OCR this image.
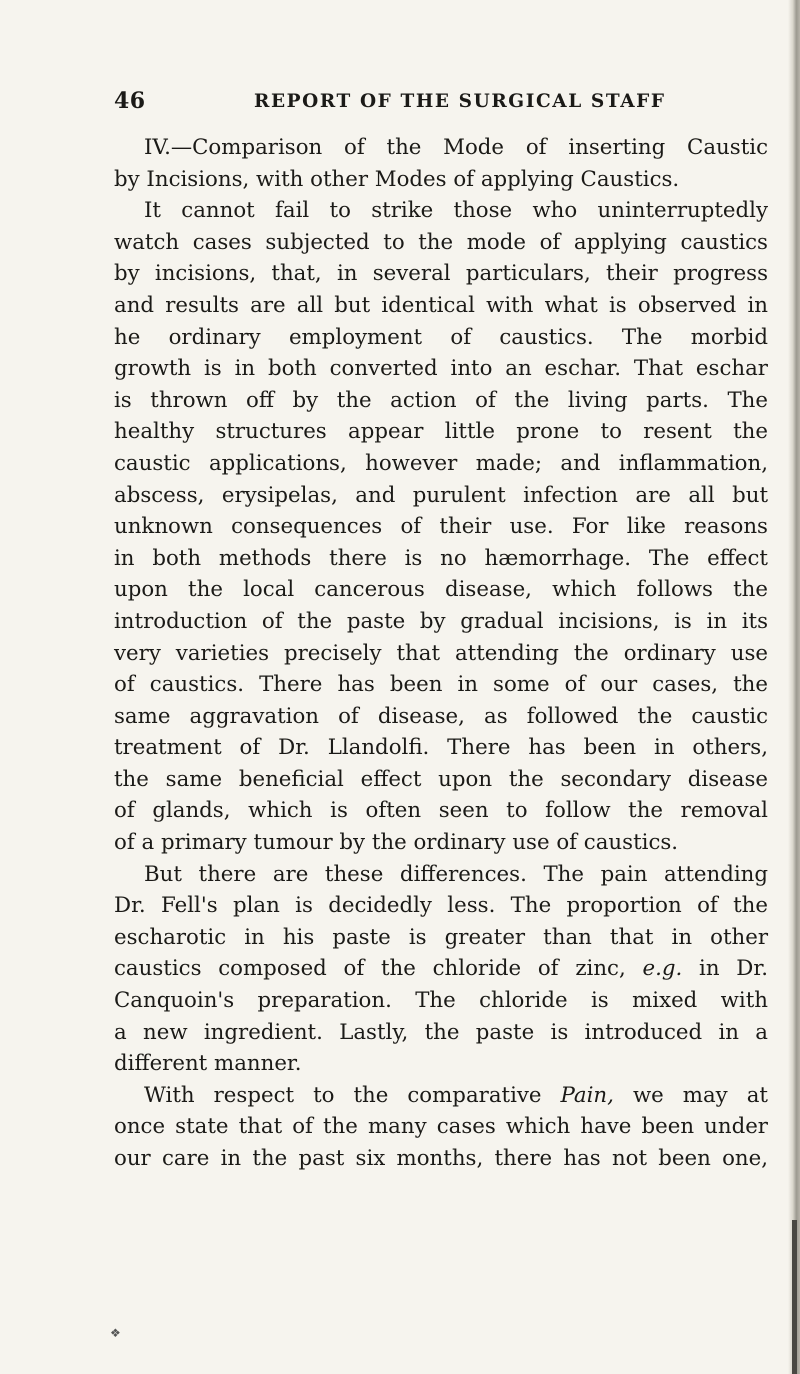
46	REPORT OF THE SURGICAL STAFF
IV.—Comparison of the Mode of inserting Caustic
by Incisions, with other Modes of applying Caustics.
It cannot fail to strike those who uninterruptedly
watch cases subjected to the mode of applying caustics
by incisions, that, in several particulars, their progress
and results are all but identical with what is observed in
he ordinary employment of caustics. The morbid
growth is in both converted into an eschar. That eschar
is thrown off by the action of the living parts. The
healthy structures appear little prone to resent the
caustic applications, however made; and inflammation,
abscess, erysipelas, and purulent infection are all but
unknown consequences of their use. For like reasons
in both methods there is no hæmorrhage. The effect
upon the local cancerous disease, which follows the
introduction of the paste by gradual incisions, is in its
very varieties precisely that attending the ordinary use
of caustics. There has been in some of our cases, the
same aggravation of disease, as followed the caustic
treatment of Dr. Llandolfi. There has been in others,
the same beneficial effect upon the secondary disease
of glands, which is often seen to follow the removal
of a primary tumour by the ordinary use of caustics.
But there are these differences. The pain attending
Dr. Fell's plan is decidedly less. The proportion of the
escharotic in his paste is greater than that in other
caustics composed of the chloride of zinc, e.g. in Dr.
Canquoin's preparation. The chloride is mixed with
a new ingredient. Lastly, the paste is introduced in a
different manner.
With respect to the comparative Pain, we may at
once state that of the many cases which have been under
our care in the past six months, there has not been one,
❖
